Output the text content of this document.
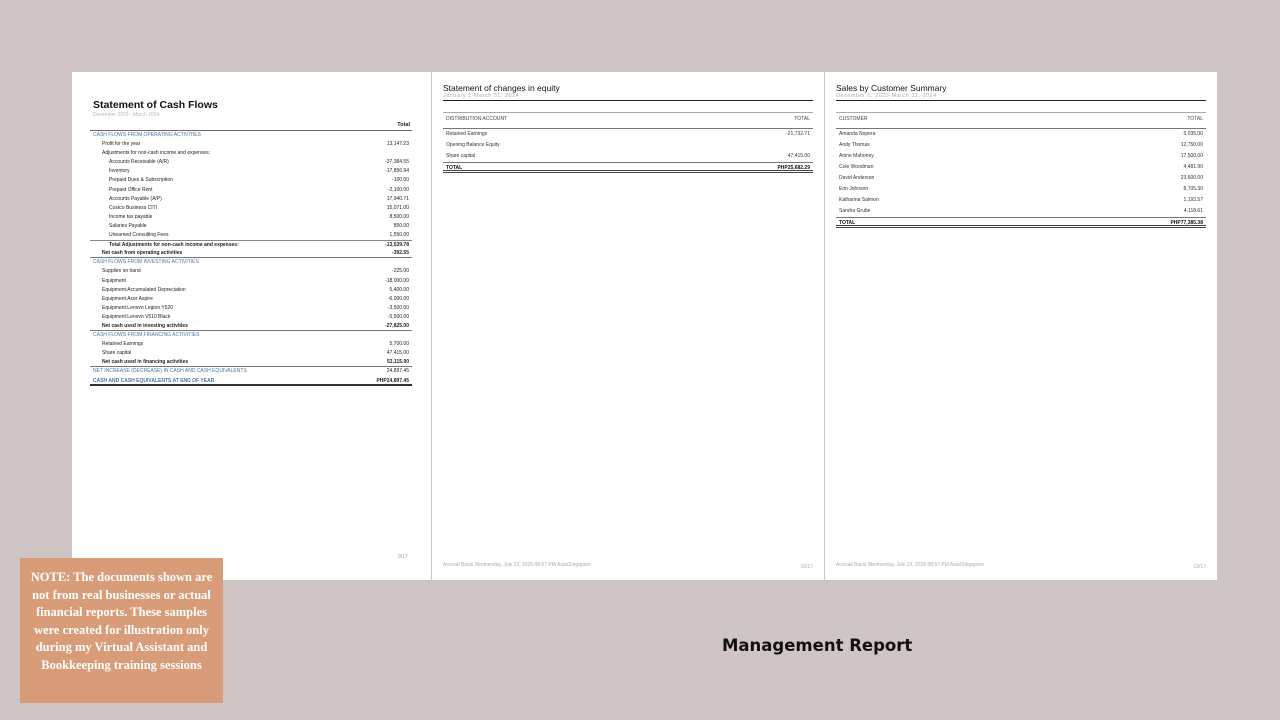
Statement of Cash Flows
December 2023 - March 2024
Total
CASH FLOWS FROM OPERATING ACTIVITIES
Profit for the year	13,147.23
Adjustments for non-cash income and expenses:
Accounts Receivable (A/R)	-37,384.55
Inventory	-17,856.94
Prepaid Dues & Subscription	-100.00
Prepaid Office Rent	-2,100.00
Accounts Payable (A/P)	17,940.71
Costco Business CITI	15,071.00
Income tax payable	8,500.00
Salaries Payable	850.00
Unearned Consulting Fees	1,550.00
Total Adjustments for non-cash income and expenses:	-13,539.78
Net cash from operating activities	-392.55
CASH FLOWS FROM INVESTING ACTIVITIES
Supplies on hand	-225.00
Equipment	-18,000.00
Equipment:Accumulated Depreciation	5,400.00
Equipment:Acer Aspire	-6,000.00
Equipment:Lenovo Legion Y520	-3,500.00
Equipment:Lenovo V510 Black	-5,500.00
Net cash used in investing activities	-27,825.00
CASH FLOWS FROM FINANCING ACTIVITIES
Retained Earnings	5,700.00
Share capital	47,415.00
Net cash used in financing activities	53,115.00
NET INCREASE (DECREASE) IN CASH AND CASH EQUIVALENTS	24,897.45
CASH AND CASH EQUIVALENTS AT END OF YEAR	PHP24,897.45
9/17
Statement of changes in equity
January 1-March 31, 2024
DISTRIBUTION ACCOUNT	TOTAL
Retained Earnings	-21,732.71
Opening Balance Equity
Share capital	47,415.00
TOTAL	PHP25,682.29
Accrual Basis Wednesday, July 23, 2025 08:57 PM Asia/Singapore	10/17
Sales by Customer Summary
December 1, 2023-March 31, 2024
CUSTOMER	TOTAL
Amanda Nopera	5,035.00
Andy Thomas	12,750.00
Anine Mahoney	17,500.00
Cole Woodman	4,481.90
David Anderson	23,600.00
Erin Johnson	8,705.30
Katharina Salmon	1,193.57
Sandra Grube	4,118.61
TOTAL	PHP77,385.38
Accrual Basis Wednesday, July 23, 2025 08:57 PM Asia/Singapore	12/17
NOTE: The documents shown are not from real businesses or actual financial reports. These samples were created for illustration only during my Virtual Assistant and Bookkeeping training sessions
Management Report
